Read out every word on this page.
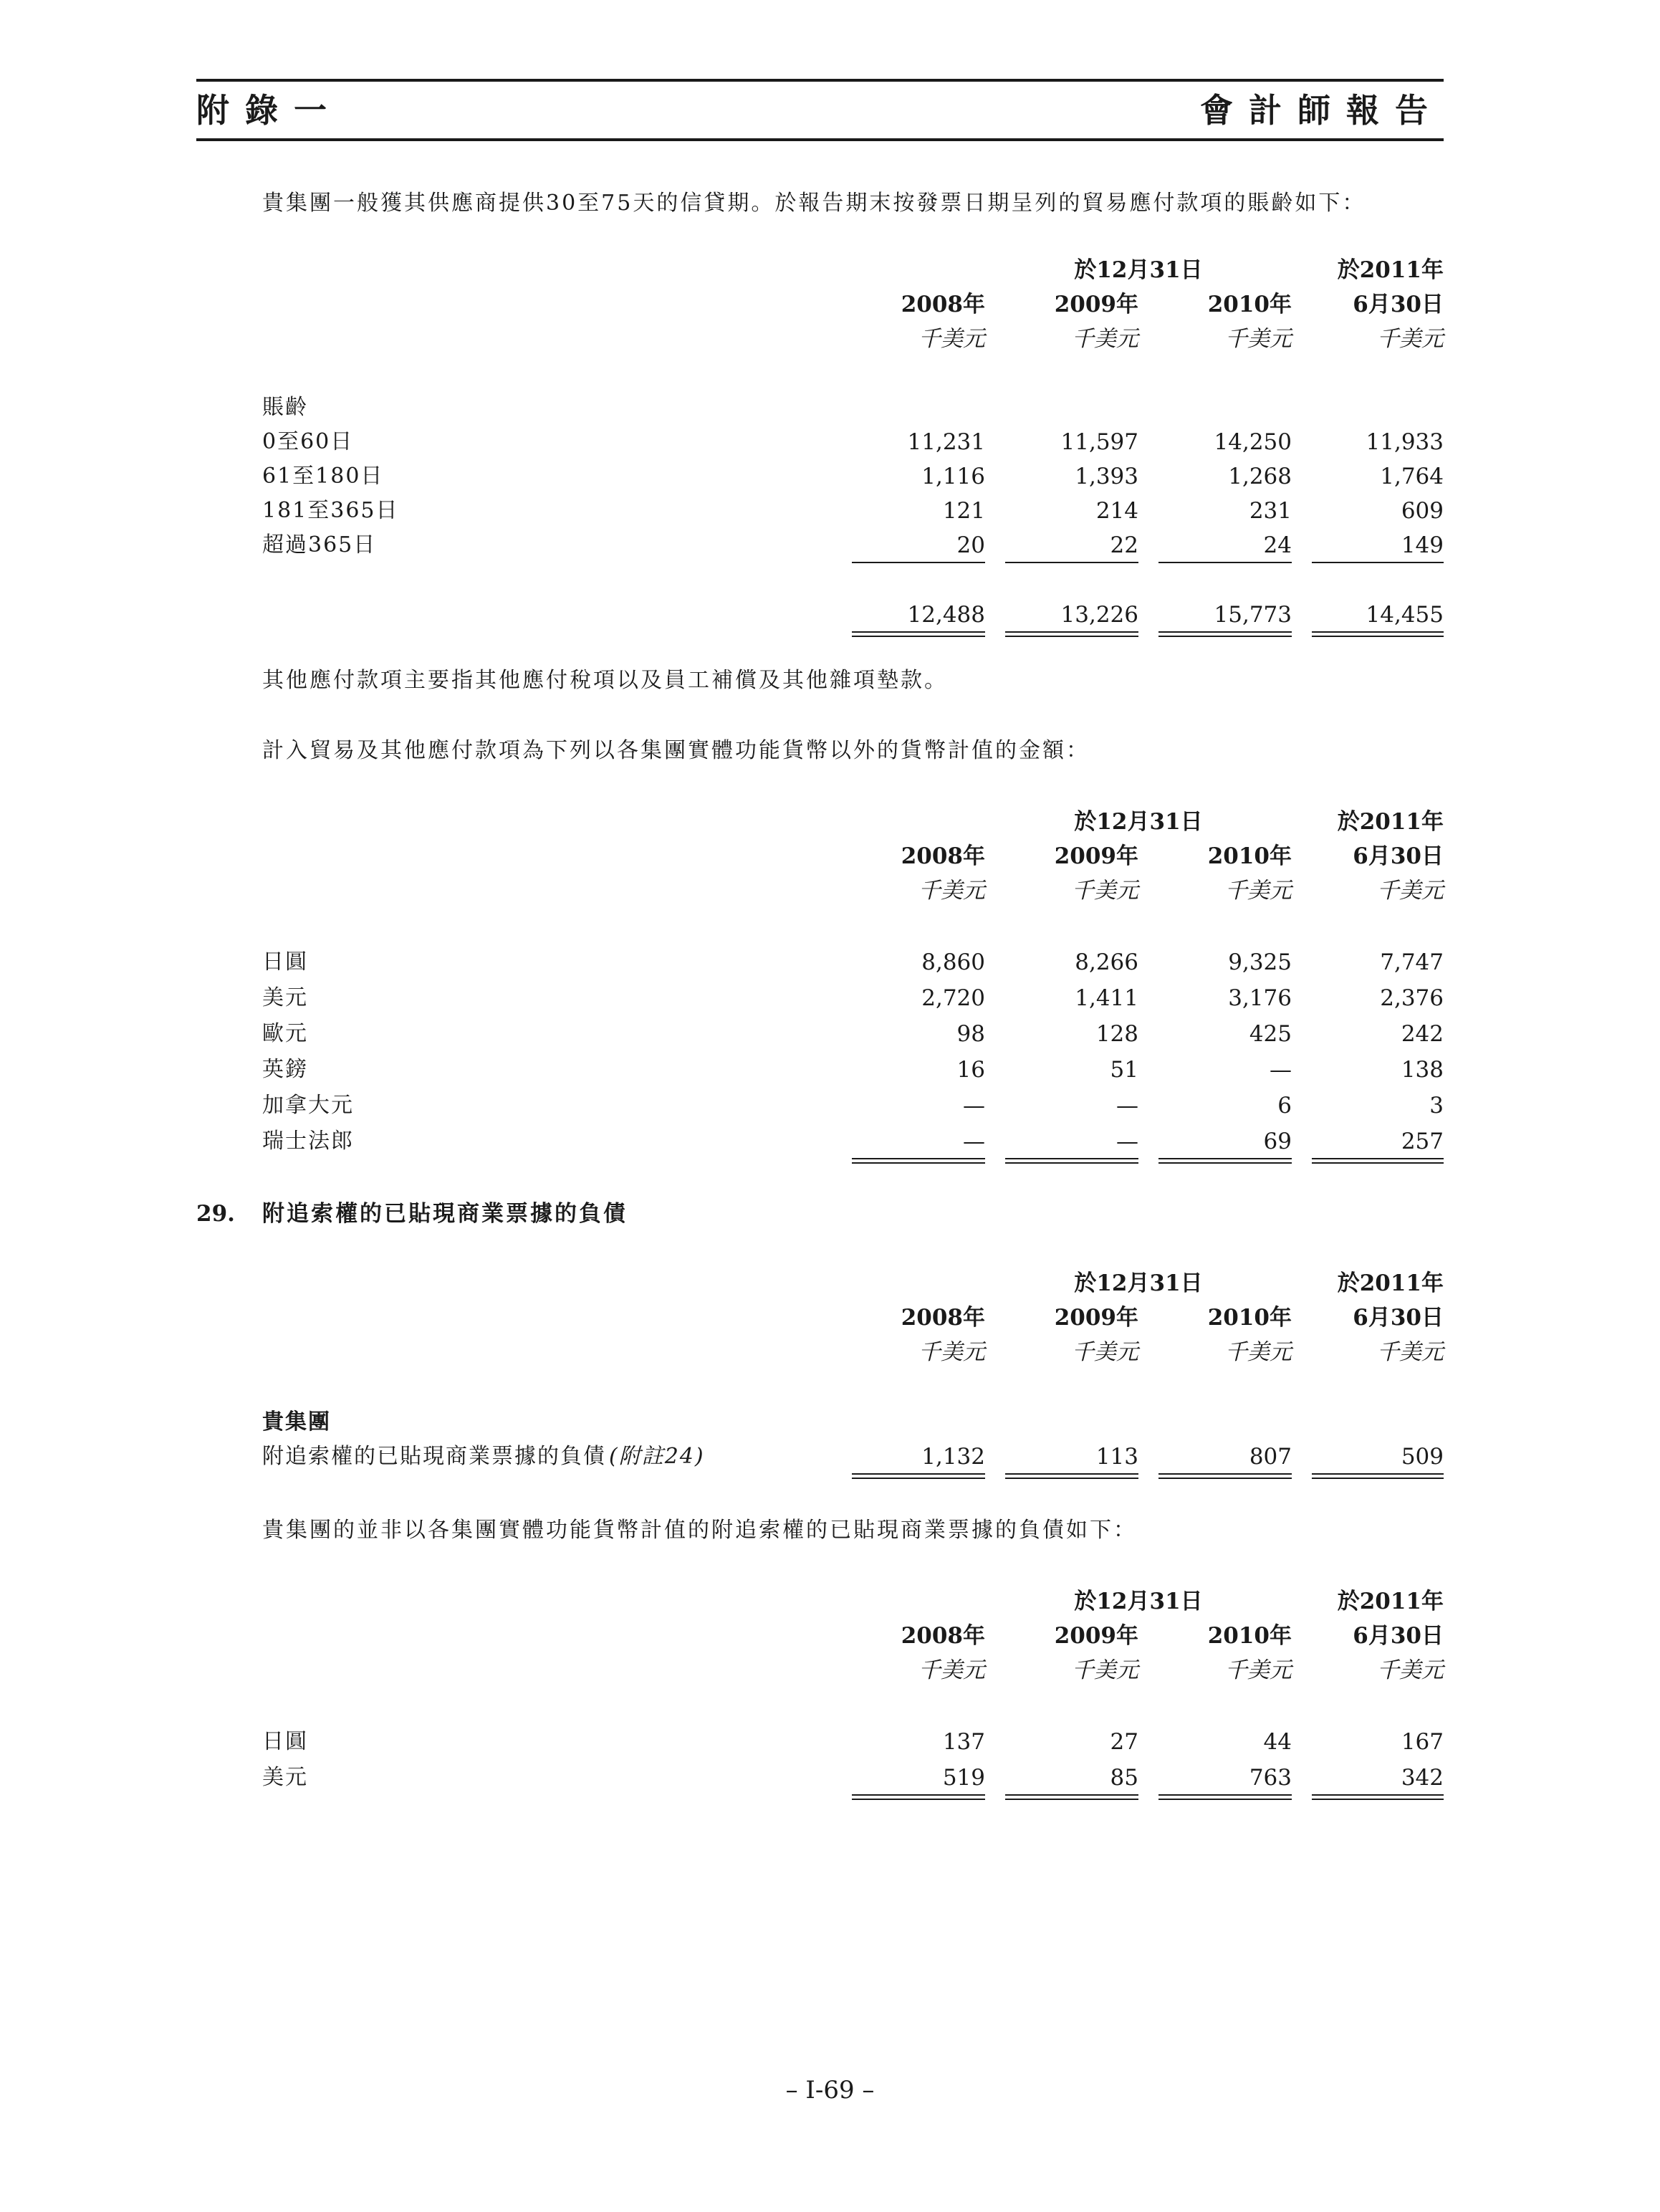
附錄一	會計師報告
貴集團一般獲其供應商提供30至75天的信貸期。於報告期末按發票日期呈列的貿易應付款項的賬齡如下：
於12月31日	於2011年
2008年	2009年	2010年	6月30日
千美元	千美元	千美元	千美元
賬齡
0至60日	11,231	11,597	14,250	11,933
61至180日	1,116	1,393	1,268	1,764
181至365日	121	214	231	609
超過365日	20	22	24	149
12,488	13,226	15,773	14,455
其他應付款項主要指其他應付稅項以及員工補償及其他雜項墊款。
計入貿易及其他應付款項為下列以各集團實體功能貨幣以外的貨幣計值的金額：
於12月31日	於2011年
2008年	2009年	2010年	6月30日
千美元	千美元	千美元	千美元
日圓	8,860	8,266	9,325	7,747
美元	2,720	1,411	3,176	2,376
歐元	98	128	425	242
英鎊	16	51	—	138
加拿大元	—	—	6	3
瑞士法郎	—	—	69	257
29. 附追索權的已貼現商業票據的負債
於12月31日	於2011年
2008年	2009年	2010年	6月30日
千美元	千美元	千美元	千美元
貴集團
附追索權的已貼現商業票據的負債 (附註24)	1,132	113	807	509
貴集團的並非以各集團實體功能貨幣計值的附追索權的已貼現商業票據的負債如下：
於12月31日	於2011年
2008年	2009年	2010年	6月30日
千美元	千美元	千美元	千美元
日圓	137	27	44	167
美元	519	85	763	342
– I-69 –
